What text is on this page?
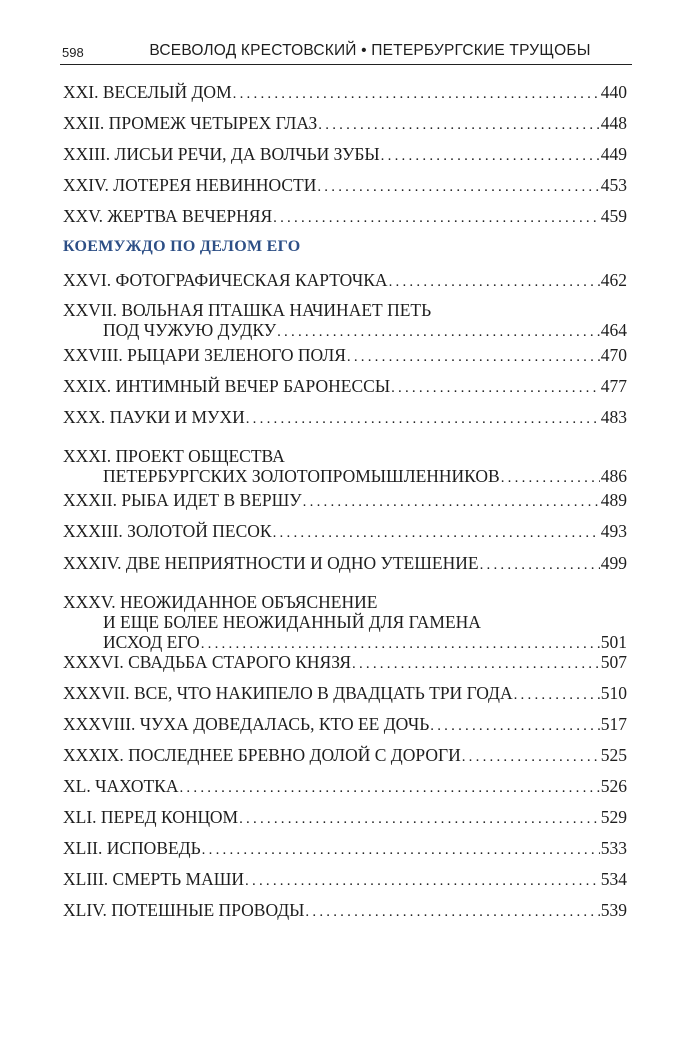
598	ВСЕВОЛОД КРЕСТОВСКИЙ • ПЕТЕРБУРГСКИЕ ТРУЩОБЫ
XXI. ВЕСЕЛЫЙ ДОМ .....	440
XXII. ПРОМЕЖ ЧЕТЫРЕХ ГЛАЗ .....	448
XXIII. ЛИСЬИ РЕЧИ, ДА ВОЛЧЬИ ЗУБЫ .....	449
XXIV. ЛОТЕРЕЯ НЕВИННОСТИ .....	453
XXV. ЖЕРТВА ВЕЧЕРНЯЯ .....	459
КОЕМУЖДО ПО ДЕЛОМ ЕГО
XXVI. ФОТОГРАФИЧЕСКАЯ КАРТОЧКА .....	462
XXVII. ВОЛЬНАЯ ПТАШКА НАЧИНАЕТ ПЕТЬ
ПОД ЧУЖУЮ ДУДКУ .....	464
XXVIII. РЫЦАРИ ЗЕЛЕНОГО ПОЛЯ .....	470
XXIX. ИНТИМНЫЙ ВЕЧЕР БАРОНЕССЫ .....	477
XXX. ПАУКИ И МУХИ .....	483
XXXI. ПРОЕКТ ОБЩЕСТВА
ПЕТЕРБУРГСКИХ ЗОЛОТОПРОМЫШЛЕННИКОВ .....	486
XXXII. РЫБА ИДЕТ В ВЕРШУ .....	489
XXXIII. ЗОЛОТОЙ ПЕСОК .....	493
XXXIV. ДВЕ НЕПРИЯТНОСТИ И ОДНО УТЕШЕНИЕ .....	499
XXXV. НЕОЖИДАННОЕ ОБЪЯСНЕНИЕ
И ЕЩЕ БОЛЕЕ НЕОЖИДАННЫЙ ДЛЯ ГАМЕНА
ИСХОД ЕГО .....	501
XXXVI. СВАДЬБА СТАРОГО КНЯЗЯ .....	507
XXXVII. ВСЕ, ЧТО НАКИПЕЛО В ДВАДЦАТЬ ТРИ ГОДА .....	510
XXXVIII. ЧУХА ДОВЕДАЛАСЬ, КТО ЕЕ ДОЧЬ .....	517
XXXIX. ПОСЛЕДНЕЕ БРЕВНО ДОЛОЙ С ДОРОГИ .....	525
XL. ЧАХОТКА .....	526
XLI. ПЕРЕД КОНЦОМ .....	529
XLII. ИСПОВЕДЬ .....	533
XLIII. СМЕРТЬ МАШИ .....	534
XLIV. ПОТЕШНЫЕ ПРОВОДЫ .....	539
